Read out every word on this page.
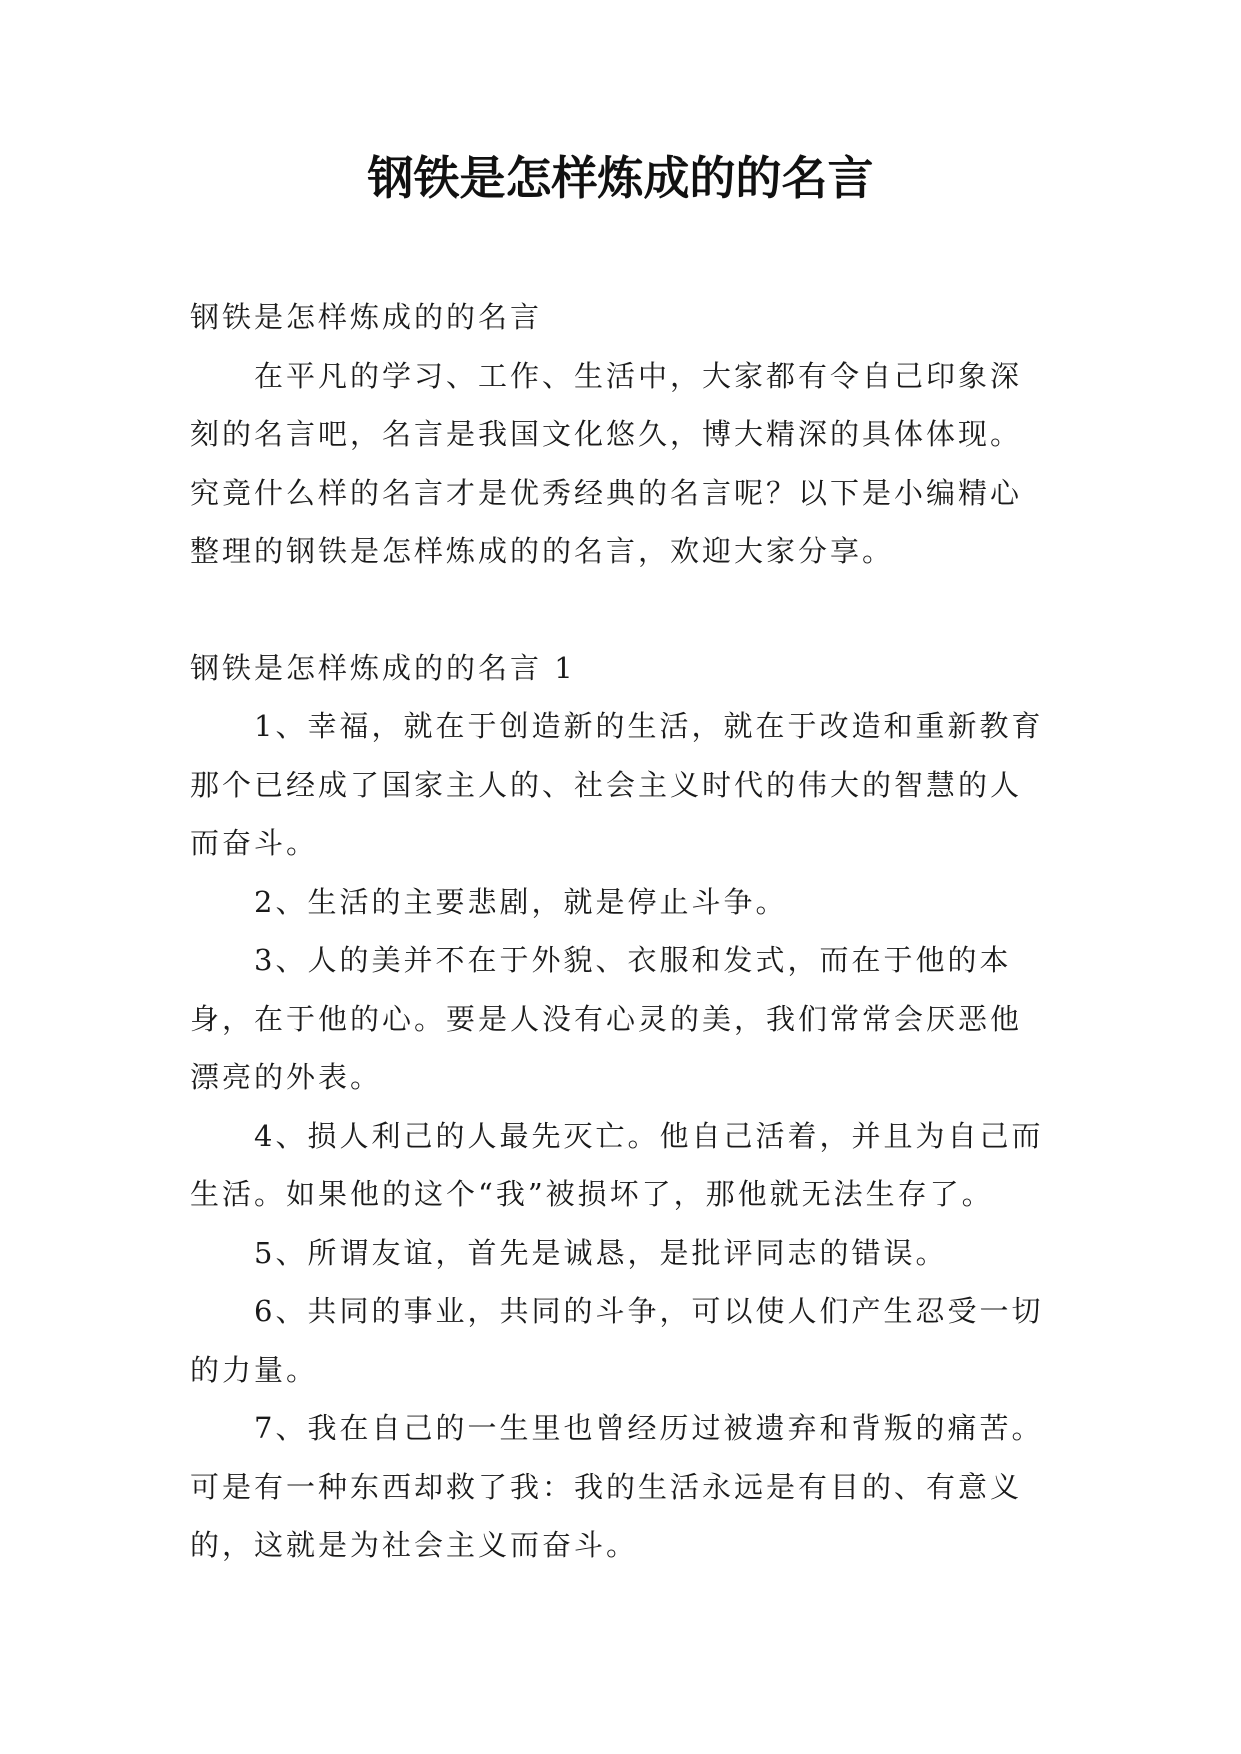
钢铁是怎样炼成的的名言

钢铁是怎样炼成的的名言

在平凡的学习、工作、生活中，大家都有令自己印象深刻的名言吧，名言是我国文化悠久，博大精深的具体体现。究竟什么样的名言才是优秀经典的名言呢？以下是小编精心整理的钢铁是怎样炼成的的名言，欢迎大家分享。

钢铁是怎样炼成的的名言 1

1、幸福，就在于创造新的生活，就在于改造和重新教育那个已经成了国家主人的、社会主义时代的伟大的智慧的人而奋斗。

2、生活的主要悲剧，就是停止斗争。

3、人的美并不在于外貌、衣服和发式，而在于他的本身，在于他的心。要是人没有心灵的美，我们常常会厌恶他漂亮的外表。

4、损人利己的人最先灭亡。他自己活着，并且为自己而生活。如果他的这个“我”被损坏了，那他就无法生存了。

5、所谓友谊，首先是诚恳，是批评同志的错误。

6、共同的事业，共同的斗争，可以使人们产生忍受一切的力量。

7、我在自己的一生里也曾经历过被遗弃和背叛的痛苦。可是有一种东西却救了我：我的生活永远是有目的、有意义的，这就是为社会主义而奋斗。
